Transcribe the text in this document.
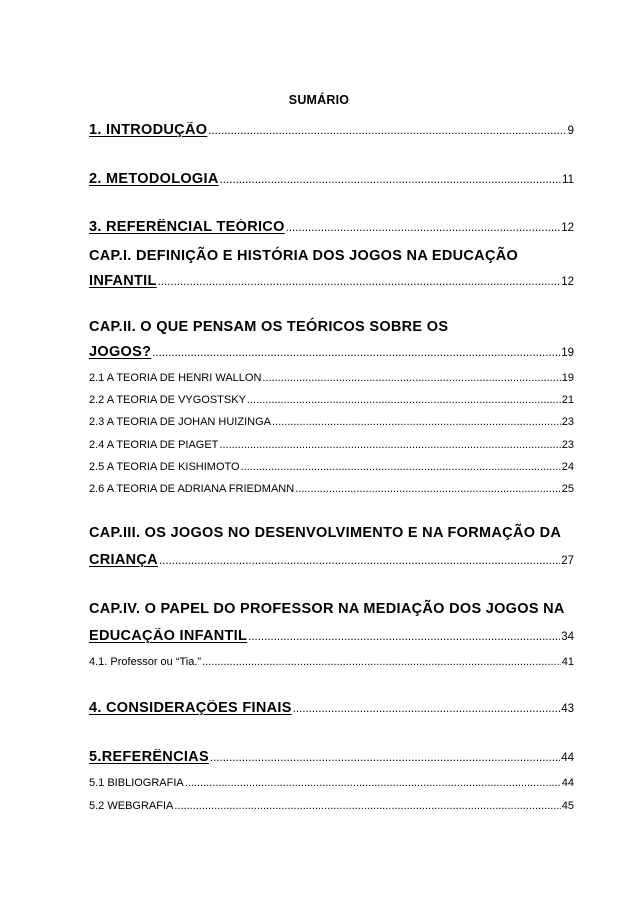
SUMÁRIO
1. INTRODUÇÃO .....	9
2. METODOLOGIA .....	11
3. REFERÊNCIAL TEÓRICO .....	12
CAP.I. DEFINIÇÃO E HISTÓRIA DOS JOGOS NA EDUCAÇÃO
INFANTIL .....	12
CAP.II. O QUE PENSAM OS TEÓRICOS SOBRE OS
JOGOS? .....	19
2.1 A TEORIA DE HENRI WALLON .....	19
2.2 A TEORIA DE VYGOSTSKY .....	21
2.3 A TEORIA DE JOHAN HUIZINGA .....	23
2.4 A TEORIA DE PIAGET .....	23
2.5 A TEORIA DE KISHIMOTO .....	24
2.6 A TEORIA DE ADRIANA FRIEDMANN .....	25
CAP.III. OS JOGOS NO DESENVOLVIMENTO E NA FORMAÇÃO DA
CRIANÇA .....	27
CAP.IV. O PAPEL DO PROFESSOR NA MEDIAÇÃO DOS JOGOS NA
EDUCAÇÃO INFANTIL .....	34
4.1. Professor ou “Tia.” .....	41
4. CONSIDERAÇÕES FINAIS .....	43
5.REFERÊNCIAS .....	44
5.1 BIBLIOGRAFIA .....	44
5.2 WEBGRAFIA .....	45
